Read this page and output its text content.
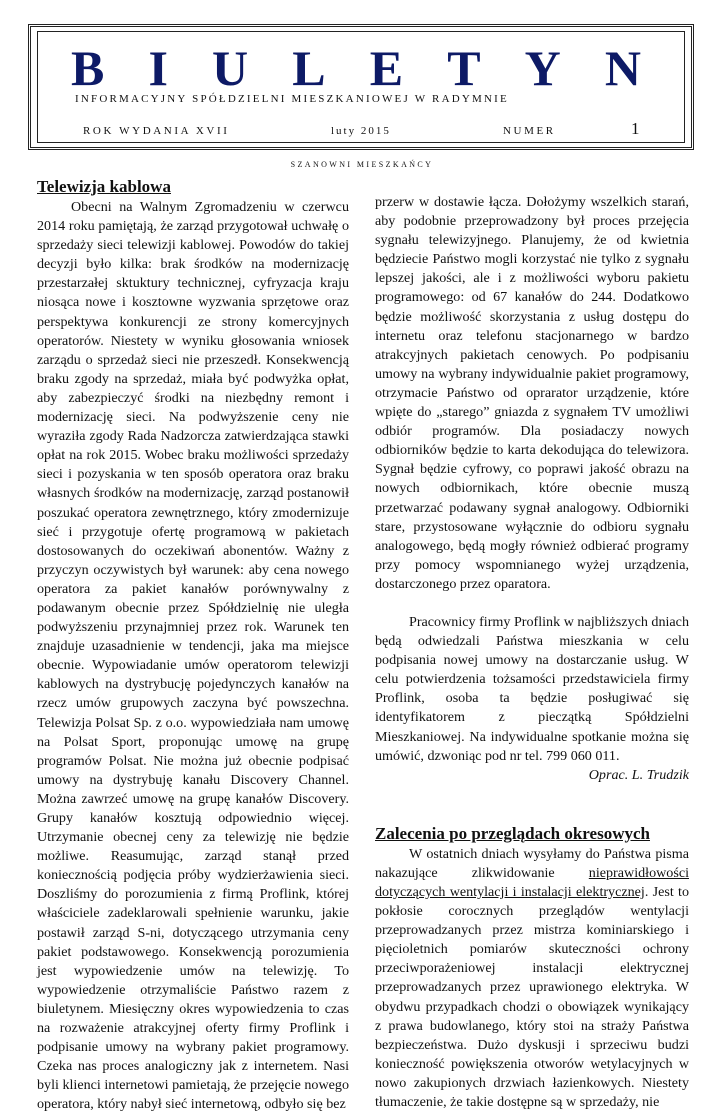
B I U L E T Y N
INFORMACYJNY SPÓŁDZIELNI MIESZKANIOWEJ W RADYMNIE
ROK WYDANIA XVII	luty 2015	NUMER	1
SZANOWNI MIESZKAŃCY
Telewizja kablowa

Obecni na Walnym Zgromadzeniu w czerwcu 2014 roku pamiętają, że zarząd przygotował uchwałę o sprzedaży sieci telewizji kablowej. Powodów do takiej decyzji było kilka: brak środków na modernizację przestarzałej sktuktury technicznej, cyfryzacja kraju niosąca nowe i kosztowne wyzwania sprzętowe oraz perspektywa konkurencji ze strony komercyjnych operatorów. Niestety w wyniku głosowania wniosek zarządu o sprzedaż sieci nie przeszedł. Konsekwencją braku zgody na sprzedaż, miała być podwyżka opłat, aby zabezpieczyć środki na niezbędny remont i modernizację sieci. Na podwyższenie ceny nie wyraziła zgody Rada Nadzorcza zatwierdzająca stawki opłat na rok 2015. Wobec braku możliwości sprzedaży sieci i pozyskania w ten sposób operatora oraz braku własnych środków na modernizację, zarząd postanowił poszukać operatora zewnętrznego, który zmodernizuje sieć i przygotuje ofertę programową w pakietach dostosowanych do oczekiwań abonentów. Ważny z przyczyn oczywistych był warunek: aby cena nowego operatora za pakiet kanałów porównywalny z podawanym obecnie przez Spółdzielnię nie uległa podwyższeniu przynajmniej przez rok. Warunek ten znajduje uzasadnienie w tendencji, jaka ma miejsce obecnie. Wypowiadanie umów operatorom telewizji kablowych na dystrybucję pojedynczych kanałów na rzecz umów grupowych zaczyna być powszechna. Telewizja Polsat Sp. z o.o. wypowiedziała nam umowę na Polsat Sport, proponując umowę na grupę programów Polsat. Nie można już obecnie podpisać umowy na dystrybuję kanału Discovery Channel. Można zawrzeć umowę na grupę kanałów Discovery. Grupy kanałów kosztują odpowiednio więcej. Utrzymanie obecnej ceny za telewizję nie będzie możliwe. Reasumując, zarząd stanął przed koniecznością podjęcia próby wydzierżawienia sieci. Doszliśmy do porozumienia z firmą Proflink, której właściciele zadeklarowali spełnienie warunku, jakie postawił zarząd S-ni, dotyczącego utrzymania ceny pakiet podstawowego. Konsekwencją porozumienia jest wypowiedzenie umów na telewizję. To wypowiedzenie otrzymaliście Państwo razem z biuletynem. Miesięczny okres wypowiedzenia to czas na rozważenie atrakcyjnej oferty firmy Proflink i podpisanie umowy na wybrany pakiet programowy. Czeka nas proces analogiczny jak z internetem. Nasi byli klienci internetowi pamietają, że przejęcie nowego operatora, który nabył sieć internetową, odbyło się bez

przerw w dostawie łącza. Dołożymy wszelkich starań, aby podobnie przeprowadzony był proces przejęcia sygnału telewizyjnego. Planujemy, że od kwietnia będziecie Państwo mogli korzystać nie tylko z sygnału lepszej jakości, ale i z możliwości wyboru pakietu programowego: od 67 kanałów do 244. Dodatkowo będzie możliwość skorzystania z usług dostępu do internetu oraz telefonu stacjonarnego w bardzo atrakcyjnych pakietach cenowych. Po podpisaniu umowy na wybrany indywidualnie pakiet programowy, otrzymacie Państwo od oprarator urządzenie, które wpięte do „starego” gniazda z sygnałem TV umożliwi odbiór programów. Dla posiadaczy nowych odbiorników będzie to karta dekodująca do telewizora. Sygnał będzie cyfrowy, co poprawi jakość obrazu na nowych odbiornikach, które obecnie muszą przetwarzać podawany sygnał analogowy. Odbiorniki stare, przystosowane wyłącznie do odbioru sygnału analogowego, będą mogły również odbierać programy przy pomocy wspomnianego wyżej urządzenia, dostarczonego przez oparatora.

Pracownicy firmy Proflink w najbliższych dniach będą odwiedzali Państwa mieszkania w celu podpisania nowej umowy na dostarczanie usług. W celu potwierdzenia tożsamości przedstawiciela firmy Proflink, osoba ta będzie posługiwać się identyfikatorem z pieczątką Spółdzielni Mieszkaniowej. Na indywidualne spotkanie można się umówić, dzwoniąc pod nr tel. 799 060 011.

Oprac. L. Trudzik

Zalecenia po przeglądach okresowych

W ostatnich dniach wysyłamy do Państwa pisma nakazujące zlikwidowanie nieprawidłowości dotyczących wentylacji i instalacji elektrycznej. Jest to pokłosie corocznych przeglądów wentylacji przeprowadzanych przez mistrza kominiarskiego i pięcioletnich pomiarów skuteczności ochrony przeciwporażeniowej instalacji elektrycznej przeprowadzanych przez uprawionego elektryka. W obydwu przypadkach chodzi o obowiązek wynikający z prawa budowlanego, który stoi na straży Państwa bezpieczeństwa. Dużo dyskusji i sprzeciwu budzi konieczność powiększenia otworów wetylacyjnych w nowo zakupionych drzwiach łazienkowych. Niestety tłumaczenie, że takie dostępne są w sprzedaży, nie
